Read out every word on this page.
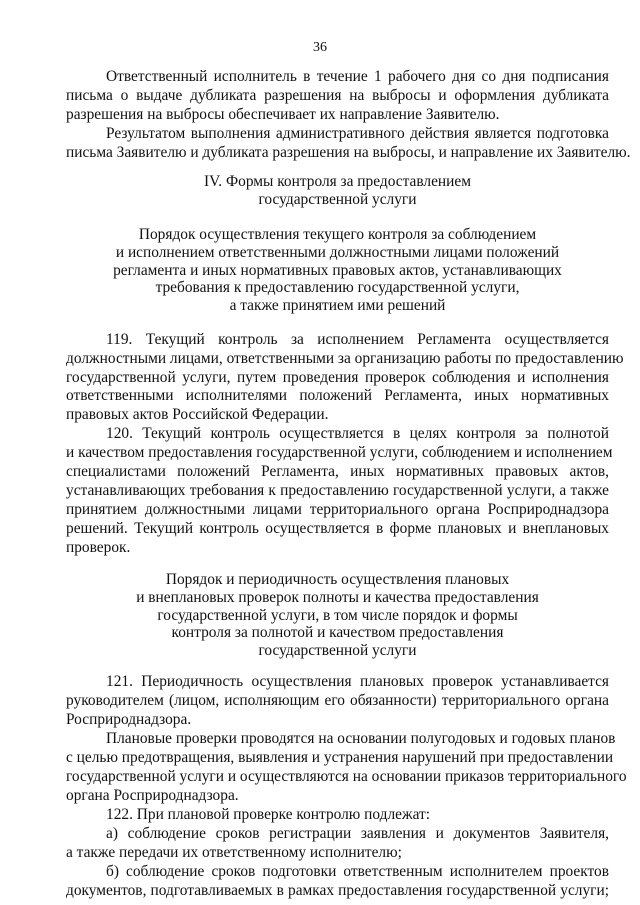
36
Ответственный исполнитель в течение 1 рабочего дня со дня подписания
письма о выдаче дубликата разрешения на выбросы и оформления дубликата
разрешения на выбросы обеспечивает их направление Заявителю.
Результатом выполнения административного действия является подготовка
письма Заявителю и дубликата разрешения на выбросы, и направление их Заявителю.
IV. Формы контроля за предоставлением
государственной услуги
Порядок осуществления текущего контроля за соблюдением
и исполнением ответственными должностными лицами положений
регламента и иных нормативных правовых актов, устанавливающих
требования к предоставлению государственной услуги,
а также принятием ими решений
119. Текущий контроль за исполнением Регламента осуществляется
должностными лицами, ответственными за организацию работы по предоставлению
государственной услуги, путем проведения проверок соблюдения и исполнения
ответственными исполнителями положений Регламента, иных нормативных
правовых актов Российской Федерации.
120. Текущий контроль осуществляется в целях контроля за полнотой
и качеством предоставления государственной услуги, соблюдением и исполнением
специалистами положений Регламента, иных нормативных правовых актов,
устанавливающих требования к предоставлению государственной услуги, а также
принятием должностными лицами территориального органа Росприроднадзора
решений. Текущий контроль осуществляется в форме плановых и внеплановых
проверок.
Порядок и периодичность осуществления плановых
и внеплановых проверок полноты и качества предоставления
государственной услуги, в том числе порядок и формы
контроля за полнотой и качеством предоставления
государственной услуги
121. Периодичность осуществления плановых проверок устанавливается
руководителем (лицом, исполняющим его обязанности) территориального органа
Росприроднадзора.
Плановые проверки проводятся на основании полугодовых и годовых планов
с целью предотвращения, выявления и устранения нарушений при предоставлении
государственной услуги и осуществляются на основании приказов территориального
органа Росприроднадзора.
122. При плановой проверке контролю подлежат:
а) соблюдение сроков регистрации заявления и документов Заявителя,
а также передачи их ответственному исполнителю;
б) соблюдение сроков подготовки ответственным исполнителем проектов
документов, подготавливаемых в рамках предоставления государственной услуги;
